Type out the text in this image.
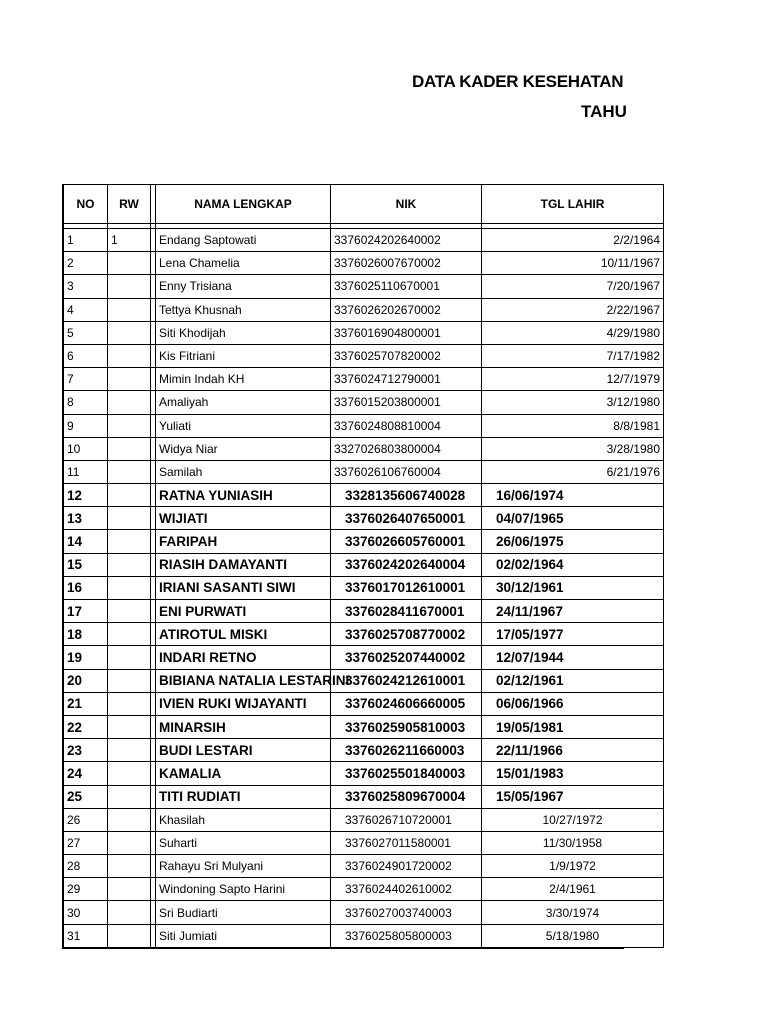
DATA KADER KESEHATAN
TAHU
NO	RW		NAMA LENGKAP	NIK	TGL LAHIR

1	1		Endang Saptowati	3376024202640002	2/2/1964
2			Lena Chamelia	3376026007670002	10/11/1967
3			Enny Trisiana	3376025110670001	7/20/1967
4			Tettya Khusnah	3376026202670002	2/22/1967
5			Siti Khodijah	3376016904800001	4/29/1980
6			Kis Fitriani	3376025707820002	7/17/1982
7			Mimin Indah KH	3376024712790001	12/7/1979
8			Amaliyah	3376015203800001	3/12/1980
9			Yuliati	3376024808810004	8/8/1981
10			Widya Niar	3327026803800004	3/28/1980
11			Samilah	3376026106760004	6/21/1976
12			RATNA YUNIASIH	3328135606740028	16/06/1974
13			WIJIATI	3376026407650001	04/07/1965
14			FARIPAH	3376026605760001	26/06/1975
15			RIASIH DAMAYANTI	3376024202640004	02/02/1964
16			IRIANI SASANTI SIWI	3376017012610001	30/12/1961
17			ENI PURWATI	3376028411670001	24/11/1967
18			ATIROTUL MISKI	3376025708770002	17/05/1977
19			INDARI RETNO	3376025207440002	12/07/1944
20			BIBIANA NATALIA LESTARINI	3376024212610001	02/12/1961
21			IVIEN RUKI WIJAYANTI	3376024606660005	06/06/1966
22			MINARSIH	3376025905810003	19/05/1981
23			BUDI LESTARI	3376026211660003	22/11/1966
24			KAMALIA	3376025501840003	15/01/1983
25			TITI RUDIATI	3376025809670004	15/05/1967
26			Khasilah	3376026710720001	10/27/1972
27			Suharti	3376027011580001	11/30/1958
28			Rahayu Sri Mulyani	3376024901720002	1/9/1972
29			Windoning Sapto Harini	3376024402610002	2/4/1961
30			Sri Budiarti	3376027003740003	3/30/1974
31			Siti Jumiati	3376025805800003	5/18/1980
